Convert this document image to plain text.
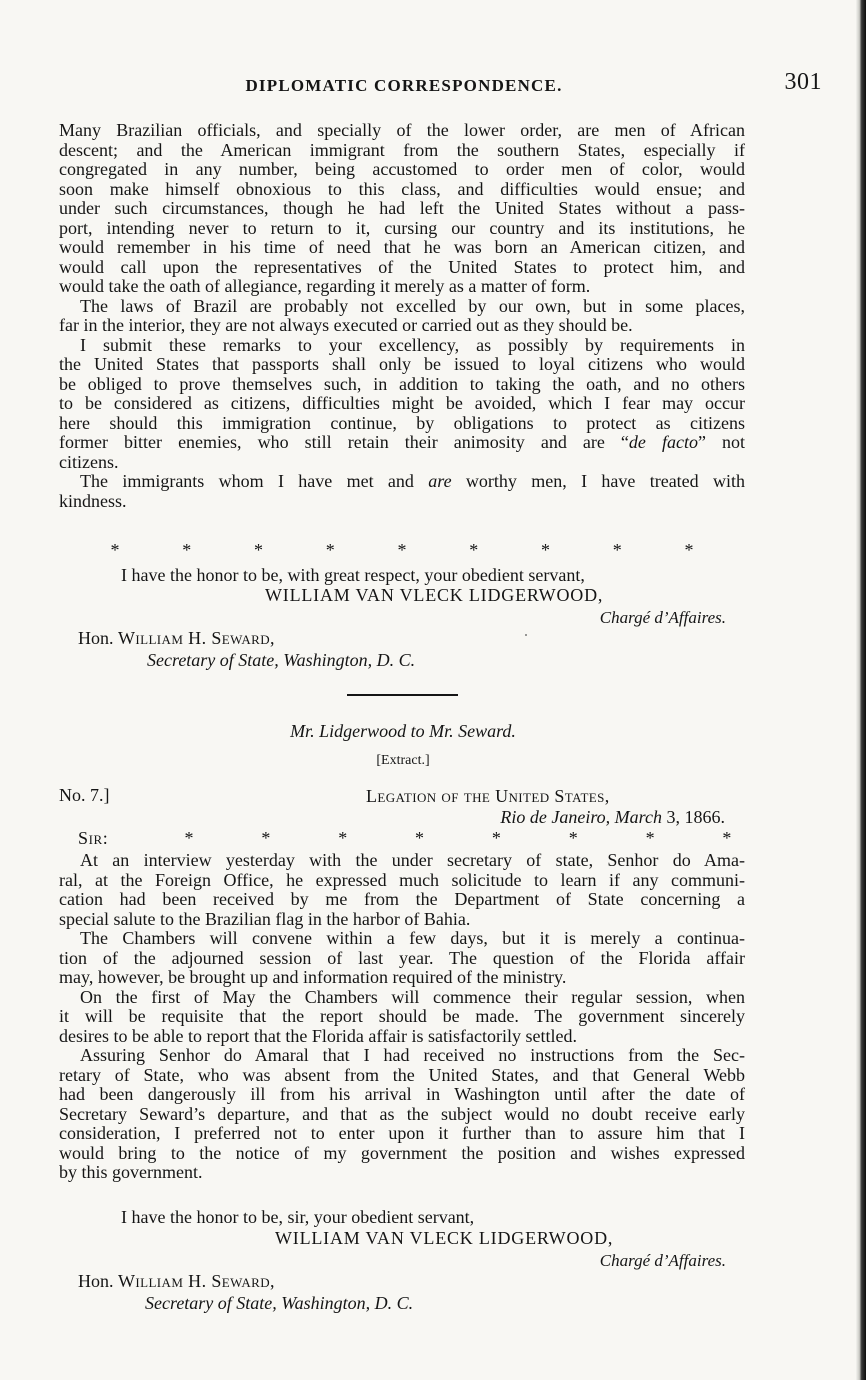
DIPLOMATIC CORRESPONDENCE.	301

Many Brazilian officials, and specially of the lower order, are men of African

descent; and the American immigrant from the southern States, especially if

congregated in any number, being accustomed to order men of color, would

soon make himself obnoxious to this class, and difficulties would ensue; and

under such circumstances, though he had left the United States without a pass-

port, intending never to return to it, cursing our country and its institutions, he

would remember in his time of need that he was born an American citizen, and

would call upon the representatives of the United States to protect him, and

would take the oath of allegiance, regarding it merely as a matter of form.

The laws of Brazil are probably not excelled by our own, but in some places,

far in the interior, they are not always executed or carried out as they should be.

I submit these remarks to your excellency, as possibly by requirements in

the United States that passports shall only be issued to loyal citizens who would

be obliged to prove themselves such, in addition to taking the oath, and no others

to be considered as citizens, difficulties might be avoided, which I fear may occur

here should this immigration continue, by obligations to protect as citizens

former bitter enemies, who still retain their animosity and are “de facto” not

citizens.

The immigrants whom I have met and are worthy men, I have treated with

kindness.

*	*	*	*	*	*	*	*	*
I have the honor to be, with great respect, your obedient servant,
WILLIAM VAN VLECK LIDGERWOOD,
Chargé d’Affaires.
Hon. William H. Seward,
Secretary of State, Washington, D. C.
Mr. Lidgerwood to Mr. Seward.
[Extract.]
No. 7.]	Legation of the United States,
Rio de Janeiro, March 3, 1866.
Sir:	*	*	*	*	*	*	*	*

At an interview yesterday with the under secretary of state, Senhor do Ama-

ral, at the Foreign Office, he expressed much solicitude to learn if any communi-

cation had been received by me from the Department of State concerning a

special salute to the Brazilian flag in the harbor of Bahia.

The Chambers will convene within a few days, but it is merely a continua-

tion of the adjourned session of last year. The question of the Florida affair

may, however, be brought up and information required of the ministry.

On the first of May the Chambers will commence their regular session, when

it will be requisite that the report should be made. The government sincerely

desires to be able to report that the Florida affair is satisfactorily settled.

Assuring Senhor do Amaral that I had received no instructions from the Sec-

retary of State, who was absent from the United States, and that General Webb

had been dangerously ill from his arrival in Washington until after the date of

Secretary Seward’s departure, and that as the subject would no doubt receive early

consideration, I preferred not to enter upon it further than to assure him that I

would bring to the notice of my government the position and wishes expressed

by this government.

I have the honor to be, sir, your obedient servant,
WILLIAM VAN VLECK LIDGERWOOD,
Chargé d’Affaires.
Hon. William H. Seward,
Secretary of State, Washington, D. C.
